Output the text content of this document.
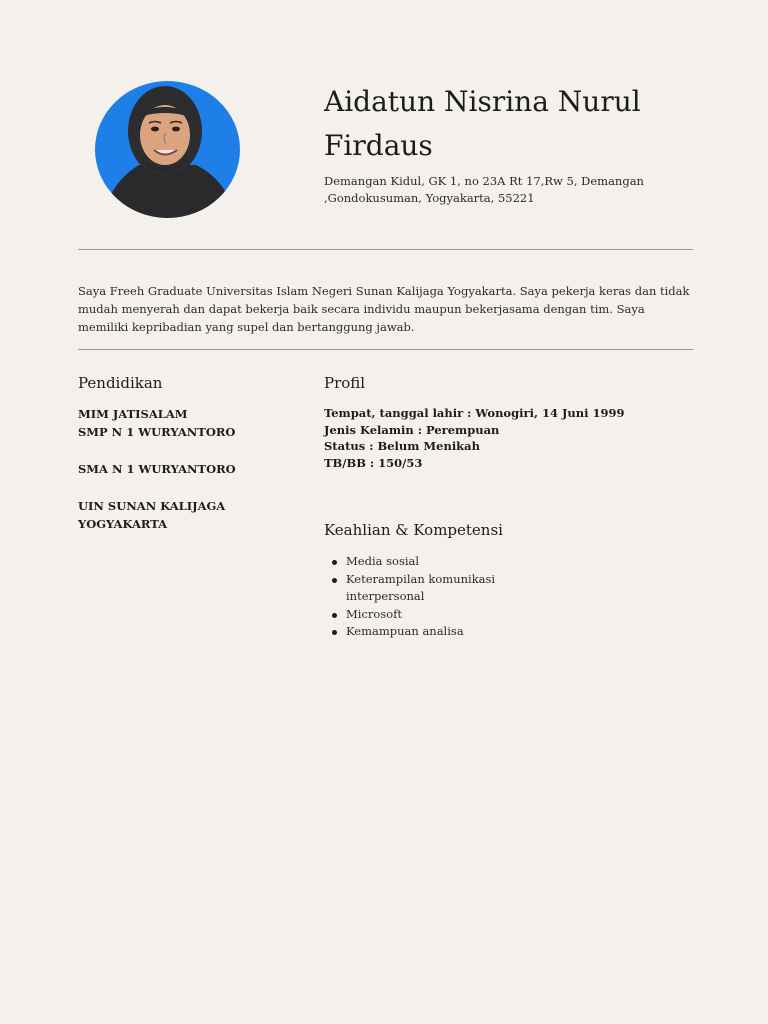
Aidatun Nisrina Nurul Firdaus

Demangan Kidul, GK 1, no 23A Rt 17,Rw 5, Demangan ,Gondokusuman, Yogyakarta, 55221

Saya Freeh Graduate Universitas Islam Negeri Sunan Kalijaga Yogyakarta. Saya pekerja keras dan tidak mudah menyerah dan dapat bekerja baik secara individu maupun bekerjasama dengan tim. Saya memiliki kepribadian yang supel dan bertanggung jawab.

Pendidikan

MIM JATISALAM

SMP N 1 WURYANTORO

SMA N 1 WURYANTORO

UIN SUNAN KALIJAGA YOGYAKARTA

Profil
Tempat, tanggal lahir : Wonogiri, 14 Juni 1999
Jenis Kelamin : Perempuan
Status : Belum Menikah
TB/BB : 150/53
Keahlian & Kompetensi
Media sosial
Keterampilan komunikasi interpersonal
Microsoft
Kemampuan analisa
